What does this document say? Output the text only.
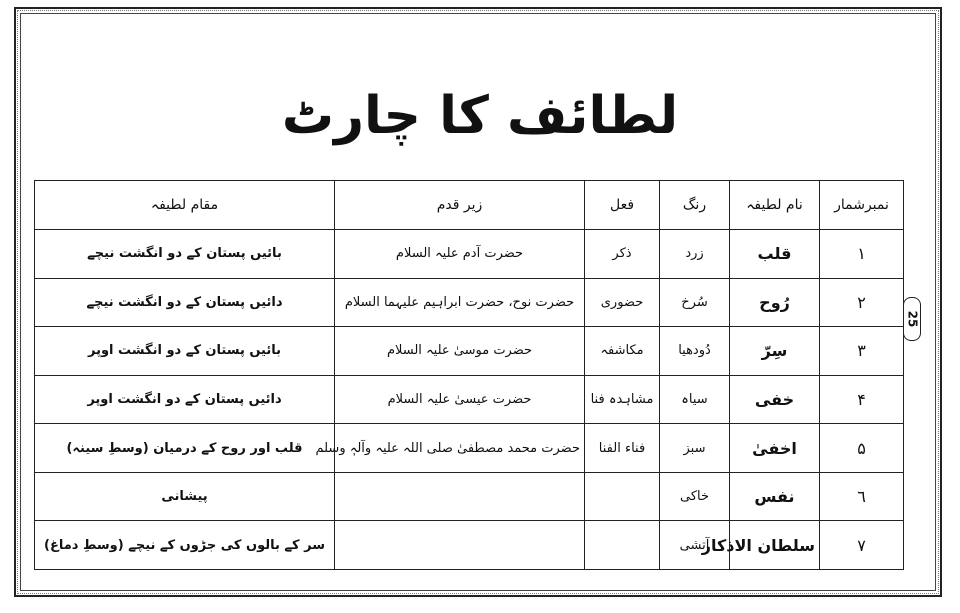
لطائف کا چارٹ
نمبرشمار	نام لطیفہ	رنگ	فعل	زیر قدم	مقام لطیفہ
۱	قلب	زرد	ذکر	حضرت آدم علیہ السلام	بائیں پستان کے دو انگشت نیچے
۲	رُوح	سُرخ	حضوری	حضرت نوح، حضرت ابراہیم علیہما السلام	دائیں پستان کے دو انگشت نیچے
۳	سِرّ	دُودھیا	مکاشفہ	حضرت موسیٰ علیہ السلام	بائیں پستان کے دو انگشت اوپر
۴	خفی	سیاہ	مشاہدہ فنا	حضرت عیسیٰ علیہ السلام	دائیں پستان کے دو انگشت اوپر
۵	اخفیٰ	سبز	فناء الفنا	حضرت محمد مصطفیٰ صلی اللہ علیہ وآلہٖ وسلم	قلب اور روح کے درمیان (وسطِ سینہ)
٦	نفس	خاکی			پیشانی
۷	سلطان الاذکار	آتشی			سر کے بالوں کی جڑوں کے نیچے (وسطِ دماغ)
25
